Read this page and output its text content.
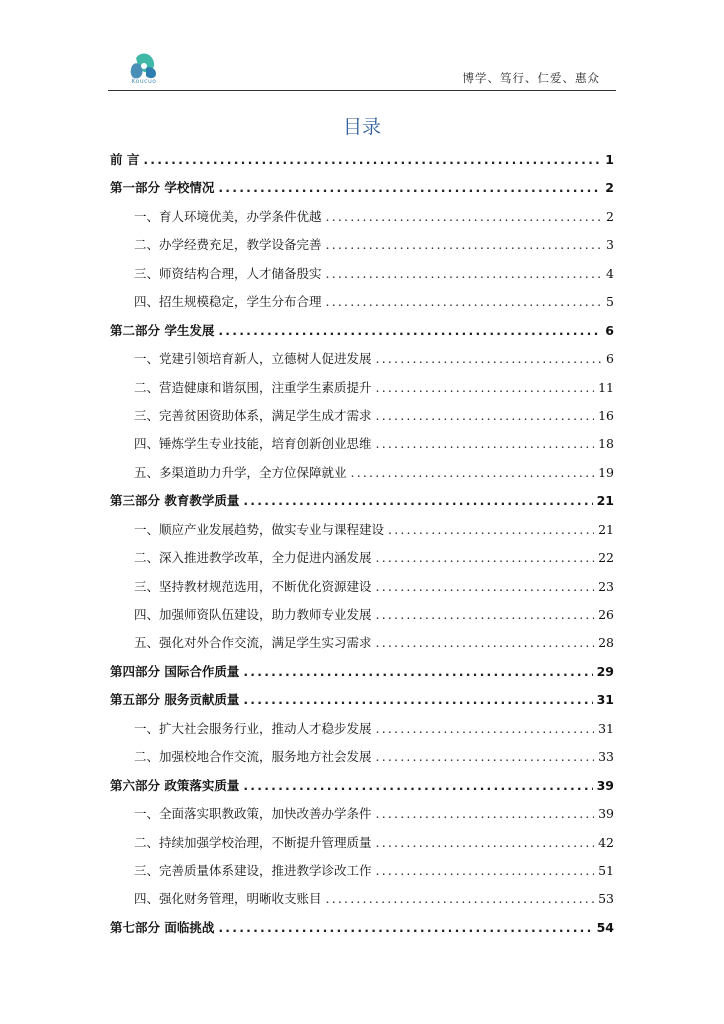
Koucuo	博学、笃行、仁爱、惠众
目录
前 言 .....	1
第一部分 学校情况 .....	2
一、育人环境优美，办学条件优越 .....	2
二、办学经费充足，教学设备完善 .....	3
三、师资结构合理，人才储备殷实 .....	4
四、招生规模稳定，学生分布合理 .....	5
第二部分 学生发展 .....	6
一、党建引领培育新人，立德树人促进发展 .....	6
二、营造健康和谐氛围，注重学生素质提升 .....	11
三、完善贫困资助体系，满足学生成才需求 .....	16
四、锤炼学生专业技能，培育创新创业思维 .....	18
五、多渠道助力升学，全方位保障就业 .....	19
第三部分 教育教学质量 .....	21
一、顺应产业发展趋势，做实专业与课程建设 .....	21
二、深入推进教学改革，全力促进内涵发展 .....	22
三、坚持教材规范选用，不断优化资源建设 .....	23
四、加强师资队伍建设，助力教师专业发展 .....	26
五、强化对外合作交流，满足学生实习需求 .....	28
第四部分 国际合作质量 .....	29
第五部分 服务贡献质量 .....	31
一、扩大社会服务行业，推动人才稳步发展 .....	31
二、加强校地合作交流，服务地方社会发展 .....	33
第六部分 政策落实质量 .....	39
一、全面落实职教政策，加快改善办学条件 .....	39
二、持续加强学校治理，不断提升管理质量 .....	42
三、完善质量体系建设，推进教学诊改工作 .....	51
四、强化财务管理，明晰收支账目 .....	53
第七部分 面临挑战 .....	54
